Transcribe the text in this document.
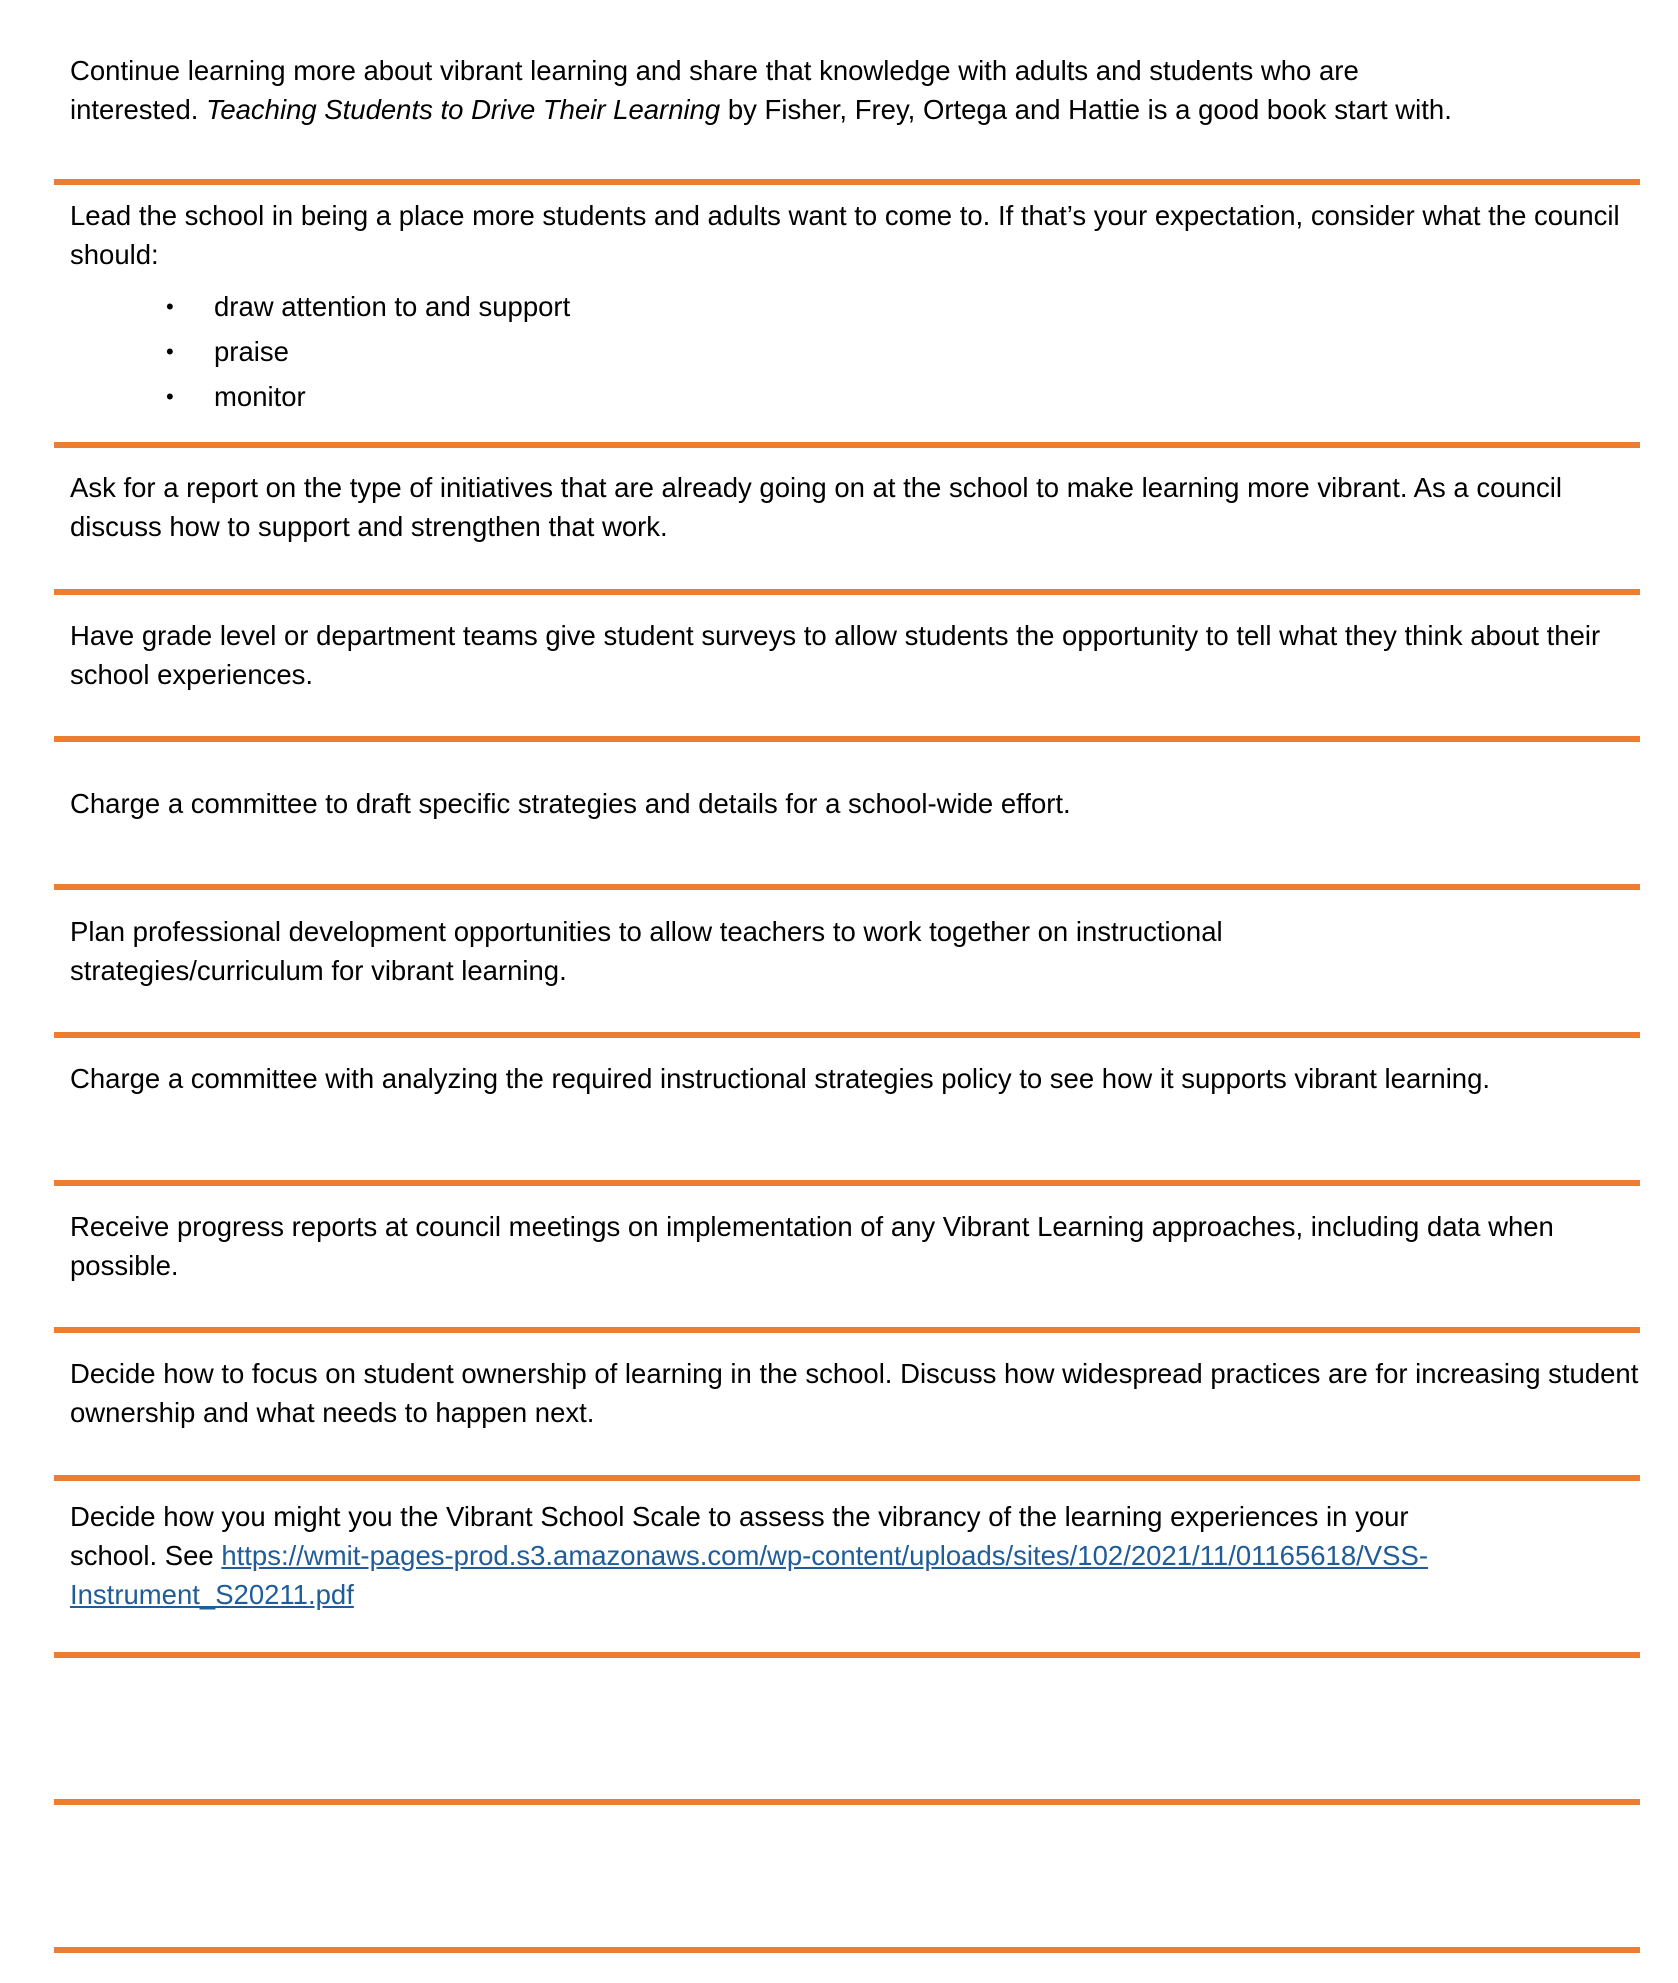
Continue learning more about vibrant learning and share that knowledge with adults and students who are

interested. Teaching Students to Drive Their Learning by Fisher, Frey, Ortega and Hattie is a good book start with.

Lead the school in being a place more students and adults want to come to. If that’s your expectation, consider what the council should:

• draw attention to and support
• praise
• monitor

Ask for a report on the type of initiatives that are already going on at the school to make learning more vibrant. As a council discuss how to support and strengthen that work.

Have grade level or department teams give student surveys to allow students the opportunity to tell what they think about their school experiences.

Charge a committee to draft specific strategies and details for a school-wide effort.

Plan professional development opportunities to allow teachers to work together on instructional

strategies/curriculum for vibrant learning.

Charge a committee with analyzing the required instructional strategies policy to see how it supports vibrant learning.

Receive progress reports at council meetings on implementation of any Vibrant Learning approaches, including data when possible.

Decide how to focus on student ownership of learning in the school. Discuss how widespread practices are for increasing student ownership and what needs to happen next.

Decide how you might you the Vibrant School Scale to assess the vibrancy of the learning experiences in your

school. See https://wmit-pages-prod.s3.amazonaws.com/wp-content/uploads/sites/102/2021/11/01165618/VSS-

Instrument_S20211.pdf
